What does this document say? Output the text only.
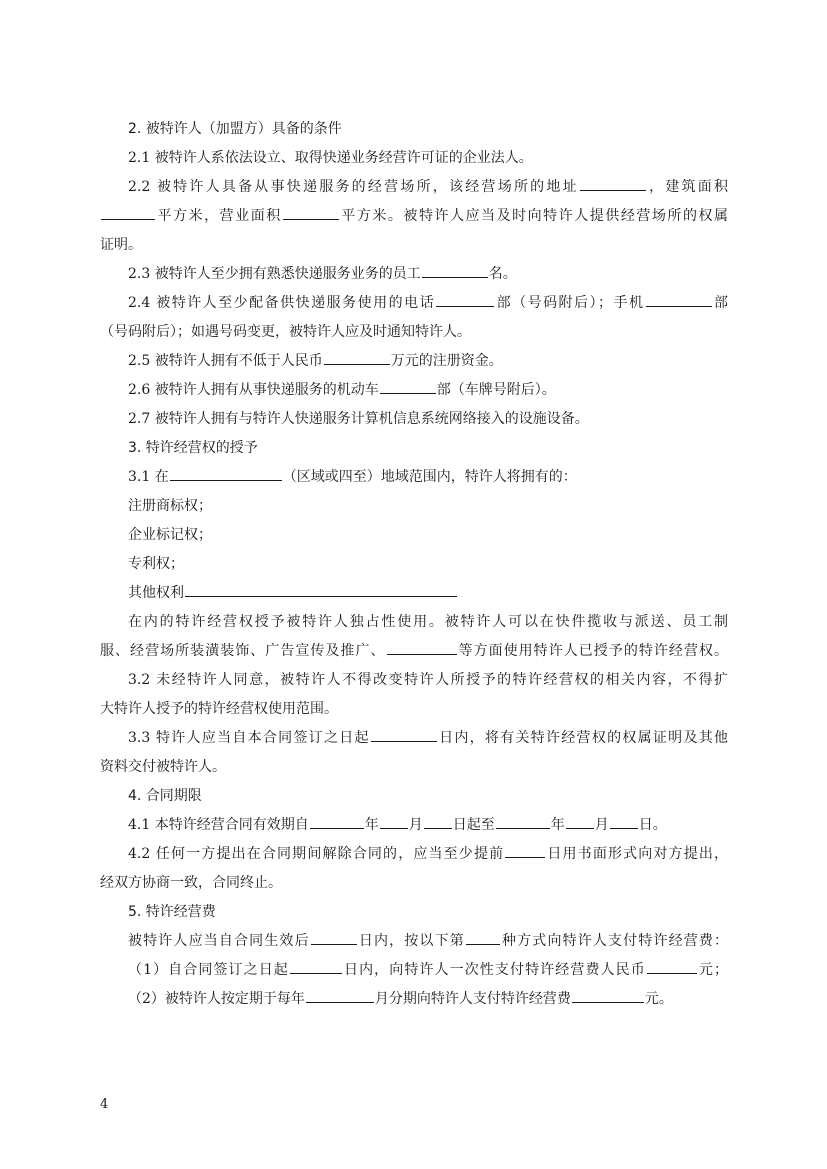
2. 被特许人（加盟方）具备的条件
2.1 被特许人系依法设立、取得快递业务经营许可证的企业法人。
2.2 被特许人具备从事快递服务的经营场所，该经营场所的地址	，建筑面积
平方米，营业面积	平方米。被特许人应当及时向特许人提供经营场所的权属
证明。
2.3 被特许人至少拥有熟悉快递服务业务的员工	名。
2.4 被特许人至少配备供快递服务使用的电话	部（号码附后）；手机	部
（号码附后）；如遇号码变更，被特许人应及时通知特许人。
2.5 被特许人拥有不低于人民币	万元的注册资金。
2.6 被特许人拥有从事快递服务的机动车	部（车牌号附后）。
2.7 被特许人拥有与特许人快递服务计算机信息系统网络接入的设施设备。
3. 特许经营权的授予
3.1 在	（区域或四至）地域范围内，特许人将拥有的：
注册商标权；
企业标记权；
专利权；
其他权利
在内的特许经营权授予被特许人独占性使用。被特许人可以在快件揽收与派送、员工制
服、经营场所装潢装饰、广告宣传及推广、	等方面使用特许人已授予的特许经营权。
3.2 未经特许人同意，被特许人不得改变特许人所授予的特许经营权的相关内容，不得扩
大特许人授予的特许经营权使用范围。
3.3 特许人应当自本合同签订之日起	日内，将有关特许经营权的权属证明及其他
资料交付被特许人。
4. 合同期限
4.1 本特许经营合同有效期自	年 月 日起至	年 月 日。
4.2 任何一方提出在合同期间解除合同的，应当至少提前	日用书面形式向对方提出，
经双方协商一致，合同终止。
5. 特许经营费
被特许人应当自合同生效后	日内，按以下第	种方式向特许人支付特许经营费：
（1）自合同签订之日起	日内，向特许人一次性支付特许经营费人民币	元；
（2）被特许人按定期于每年	月分期向特许人支付特许经营费	元。
4
